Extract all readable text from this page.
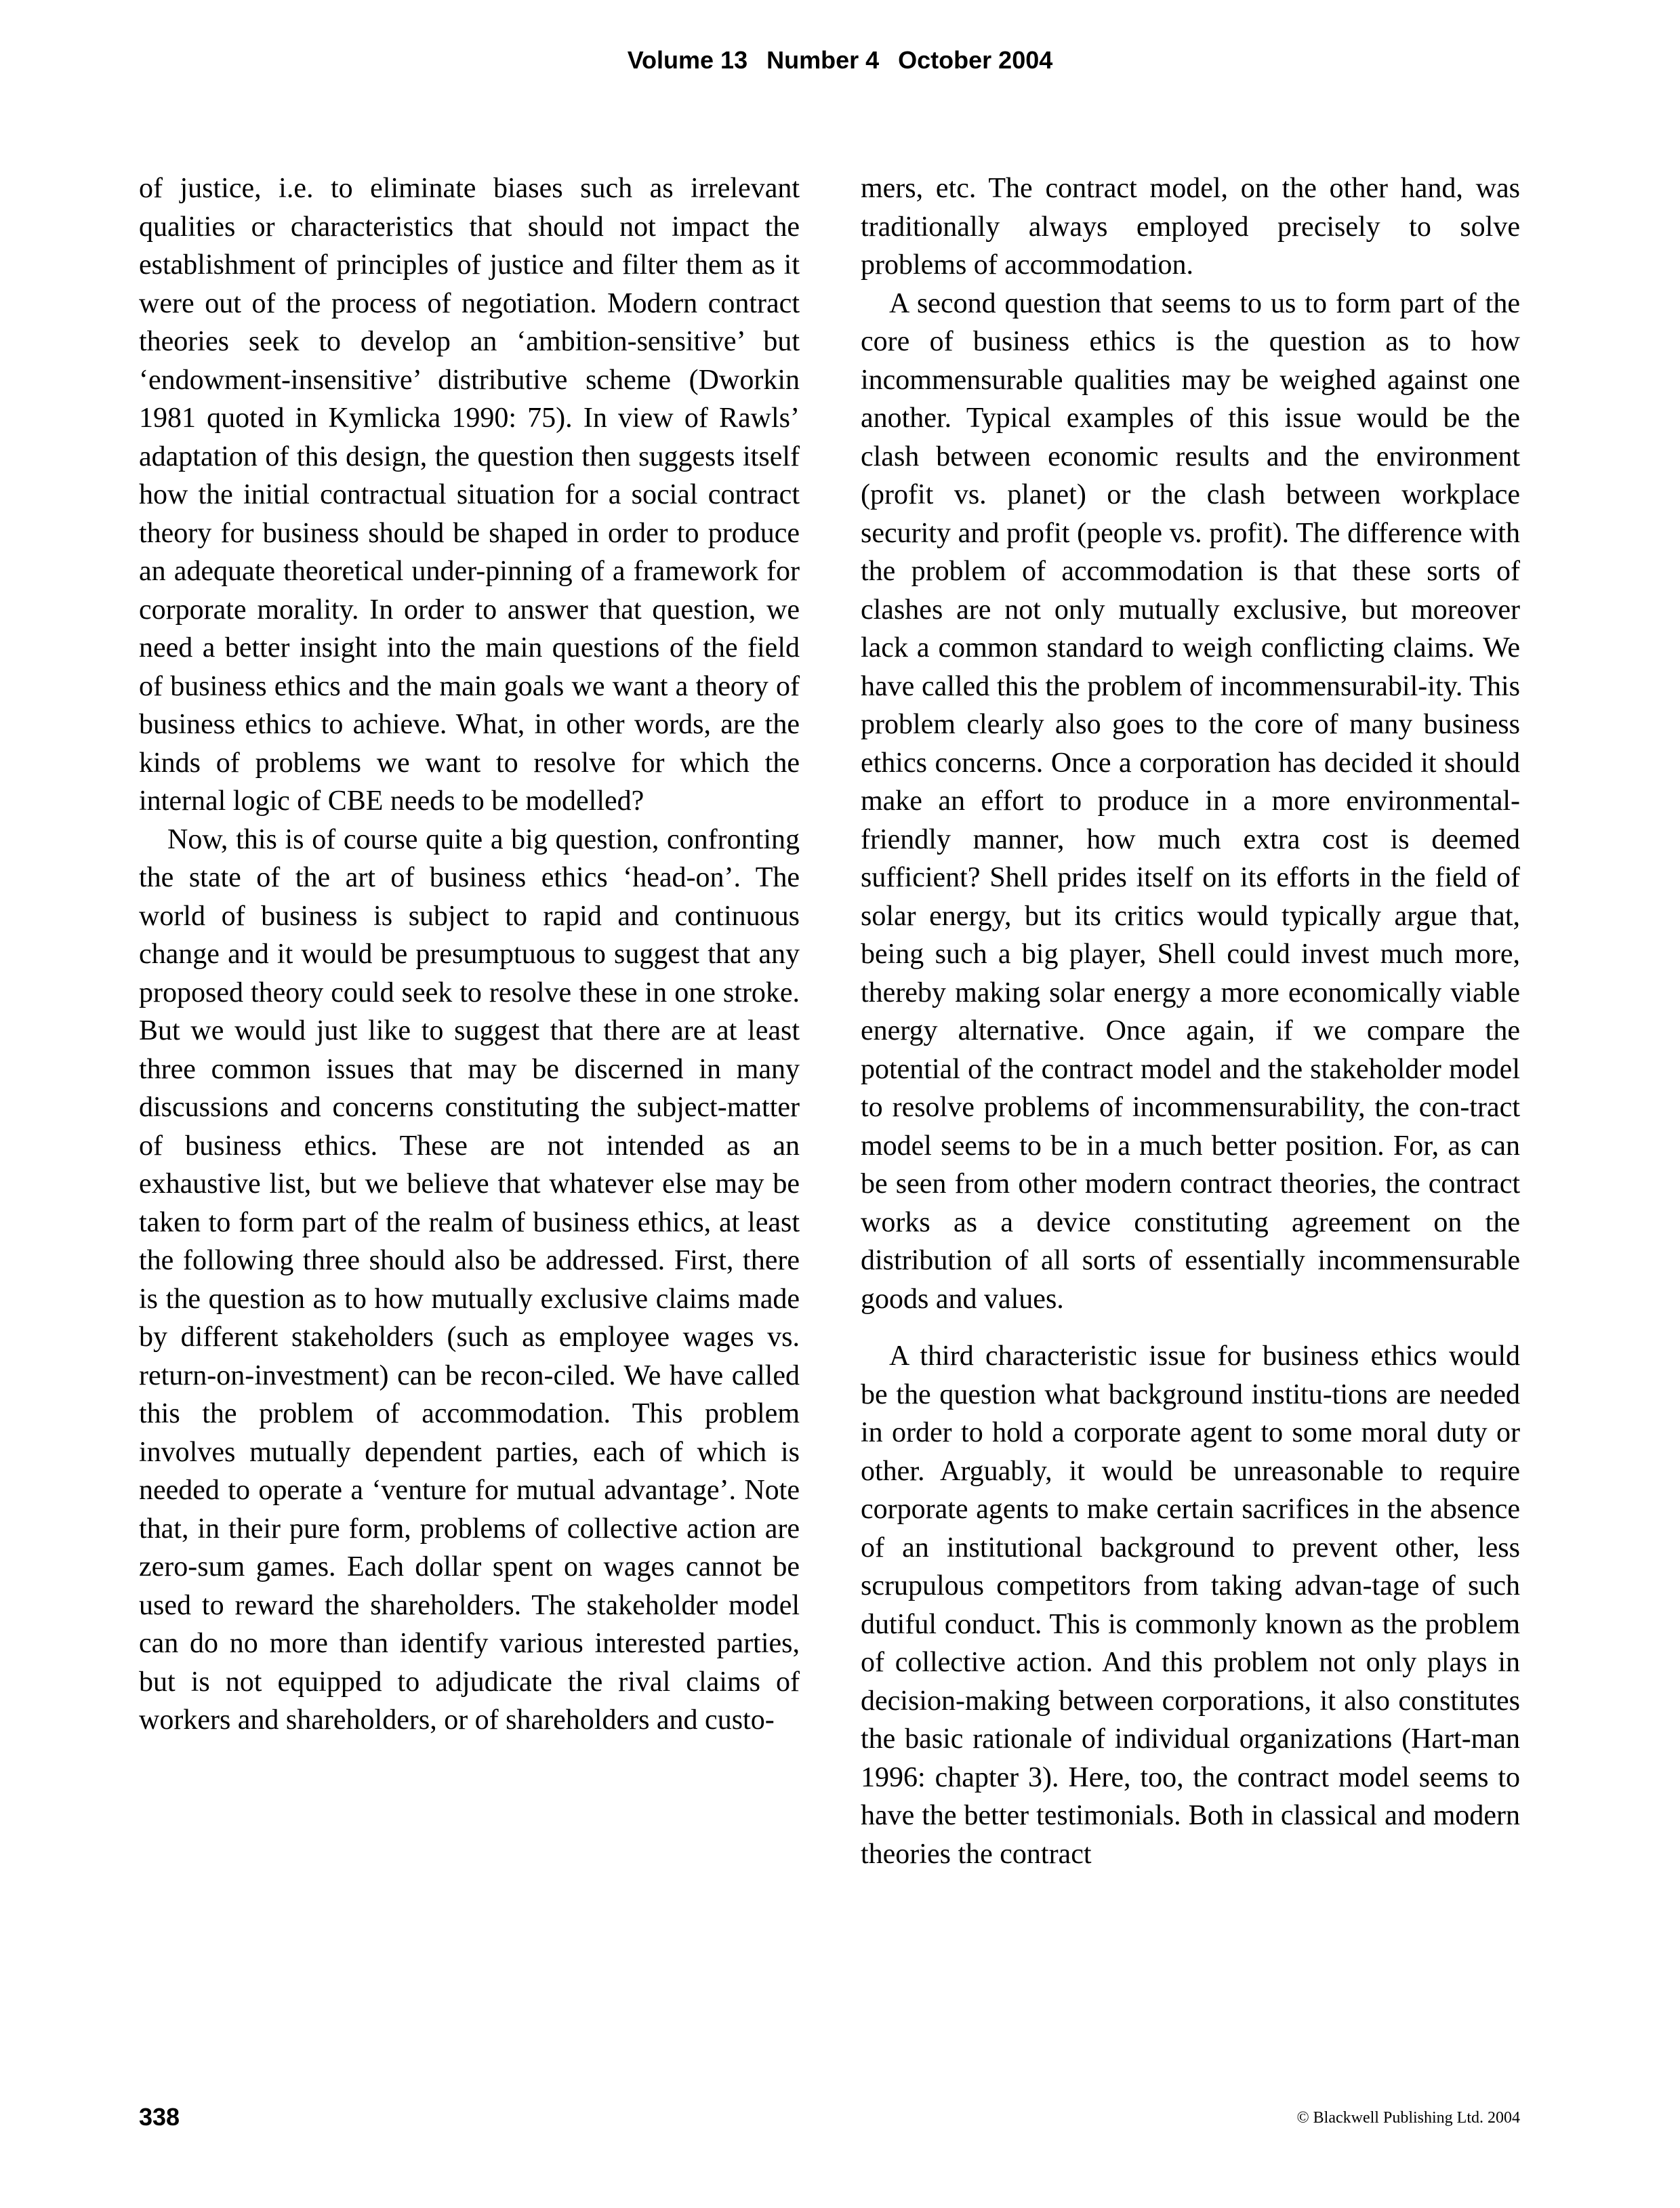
Volume 13 Number 4 October 2004

of justice, i.e. to eliminate biases such as irrelevant qualities or characteristics that should not impact the establishment of principles of justice and filter them as it were out of the process of negotiation. Modern contract theories seek to develop an ‘ambition-sensitive’ but ‘endowment-insensitive’ distributive scheme (Dworkin 1981 quoted in Kymlicka 1990: 75). In view of Rawls’ adaptation of this design, the question then suggests itself how the initial contractual situation for a social contract theory for business should be shaped in order to produce an adequate theoretical under-pinning of a framework for corporate morality. In order to answer that question, we need a better insight into the main questions of the field of business ethics and the main goals we want a theory of business ethics to achieve. What, in other words, are the kinds of problems we want to resolve for which the internal logic of CBE needs to be modelled?

Now, this is of course quite a big question, confronting the state of the art of business ethics ‘head-on’. The world of business is subject to rapid and continuous change and it would be presumptuous to suggest that any proposed theory could seek to resolve these in one stroke. But we would just like to suggest that there are at least three common issues that may be discerned in many discussions and concerns constituting the subject-matter of business ethics. These are not intended as an exhaustive list, but we believe that whatever else may be taken to form part of the realm of business ethics, at least the following three should also be addressed. First, there is the question as to how mutually exclusive claims made by different stakeholders (such as employee wages vs. return-on-investment) can be recon-ciled. We have called this the problem of accommodation. This problem involves mutually dependent parties, each of which is needed to operate a ‘venture for mutual advantage’. Note that, in their pure form, problems of collective action are zero-sum games. Each dollar spent on wages cannot be used to reward the shareholders. The stakeholder model can do no more than identify various interested parties, but is not equipped to adjudicate the rival claims of workers and shareholders, or of shareholders and custo-

mers, etc. The contract model, on the other hand, was traditionally always employed precisely to solve problems of accommodation.

A second question that seems to us to form part of the core of business ethics is the question as to how incommensurable qualities may be weighed against one another. Typical examples of this issue would be the clash between economic results and the environment (profit vs. planet) or the clash between workplace security and profit (people vs. profit). The difference with the problem of accommodation is that these sorts of clashes are not only mutually exclusive, but moreover lack a common standard to weigh conflicting claims. We have called this the problem of incommensurabil-ity. This problem clearly also goes to the core of many business ethics concerns. Once a corporation has decided it should make an effort to produce in a more environmental-friendly manner, how much extra cost is deemed sufficient? Shell prides itself on its efforts in the field of solar energy, but its critics would typically argue that, being such a big player, Shell could invest much more, thereby making solar energy a more economically viable energy alternative. Once again, if we compare the potential of the contract model and the stakeholder model to resolve problems of incommensurability, the con-tract model seems to be in a much better position. For, as can be seen from other modern contract theories, the contract works as a device constituting agreement on the distribution of all sorts of essentially incommensurable goods and values.

A third characteristic issue for business ethics would be the question what background institu-tions are needed in order to hold a corporate agent to some moral duty or other. Arguably, it would be unreasonable to require corporate agents to make certain sacrifices in the absence of an institutional background to prevent other, less scrupulous competitors from taking advan-tage of such dutiful conduct. This is commonly known as the problem of collective action. And this problem not only plays in decision-making between corporations, it also constitutes the basic rationale of individual organizations (Hart-man 1996: chapter 3). Here, too, the contract model seems to have the better testimonials. Both in classical and modern theories the contract

338	© Blackwell Publishing Ltd. 2004
